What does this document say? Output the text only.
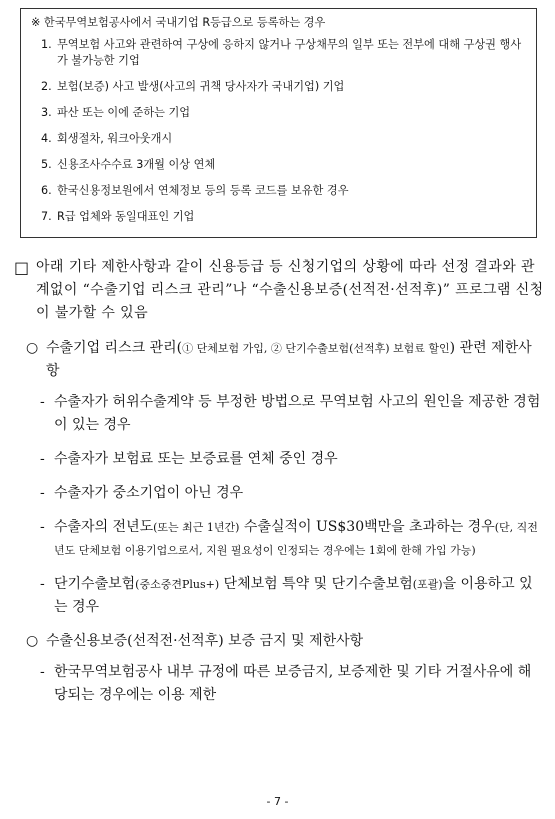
※ 한국무역보험공사에서 국내기업 R등급으로 등록하는 경우
1. 무역보험 사고와 관련하여 구상에 응하지 않거나 구상채무의 일부 또는 전부에 대해 구상권 행사가 불가능한 기업
2. 보험(보증) 사고 발생(사고의 귀책 당사자가 국내기업) 기업
3. 파산 또는 이에 준하는 기업
4. 회생절차, 워크아웃개시
5. 신용조사수수료 3개월 이상 연체
6. 한국신용정보원에서 연체정보 등의 등록 코드를 보유한 경우
7. R급 업체와 동일대표인 기업
□ 아래 기타 제한사항과 같이 신용등급 등 신청기업의 상황에 따라 선정 결과와 관계없이 “수출기업 리스크 관리”나 “수출신용보증(선적전·선적후)” 프로그램 신청이 불가할 수 있음
○ 수출기업 리스크 관리(① 단체보험 가입, ② 단기수출보험(선적후) 보험료 할인) 관련 제한사항
- 수출자가 허위수출계약 등 부정한 방법으로 무역보험 사고의 원인을 제공한 경험이 있는 경우
- 수출자가 보험료 또는 보증료를 연체 중인 경우
- 수출자가 중소기업이 아닌 경우
- 수출자의 전년도(또는 최근 1년간) 수출실적이 US$30백만을 초과하는 경우(단, 직전년도 단체보험 이용기업으로서, 지원 필요성이 인정되는 경우에는 1회에 한해 가입 가능)
- 단기수출보험(중소중견Plus+) 단체보험 특약 및 단기수출보험(포괄)을 이용하고 있는 경우
○ 수출신용보증(선적전·선적후) 보증 금지 및 제한사항
- 한국무역보험공사 내부 규정에 따른 보증금지, 보증제한 및 기타 거절사유에 해당되는 경우에는 이용 제한
- 7 -
